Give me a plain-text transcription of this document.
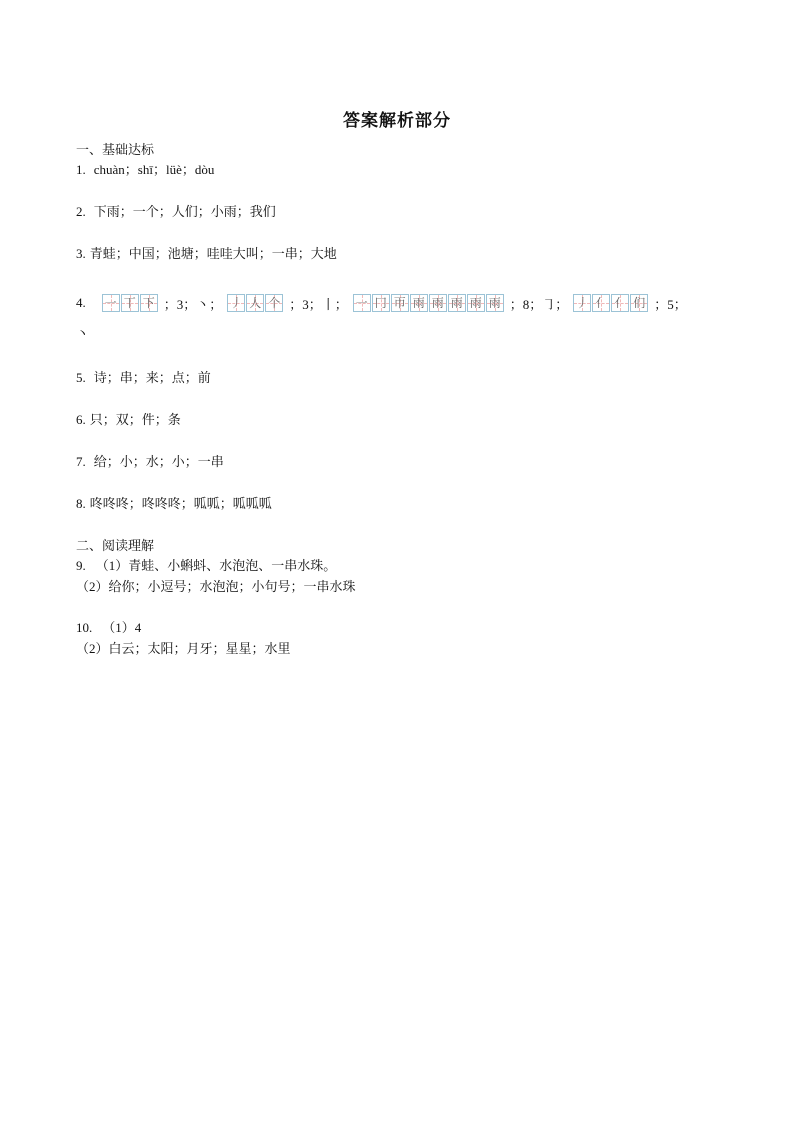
答案解析部分
一、基础达标
1. chuàn；shī；lüè；dòu
2. 下雨；一个；人们；小雨；我们
3. 青蛙；中国；池塘；哇哇大叫；一串；大地
4. 一 丅 下 ；3；丶； 丿 人 个 ；3；丨； 一 冂 帀 雨 雨 雨 雨 雨 ；8；㇆； 丿 亻 亻 们 ；5；
丶
5. 诗；串；来；点；前
6. 只；双；件；条
7. 给；小；水；小；一串
8. 咚咚咚；咚咚咚；呱呱；呱呱呱
二、阅读理解
9. （1）青蛙、小蝌蚪、水泡泡、一串水珠。
（2）给你；小逗号；水泡泡；小句号；一串水珠
10. （1）4
（2）白云；太阳；月牙；星星；水里
